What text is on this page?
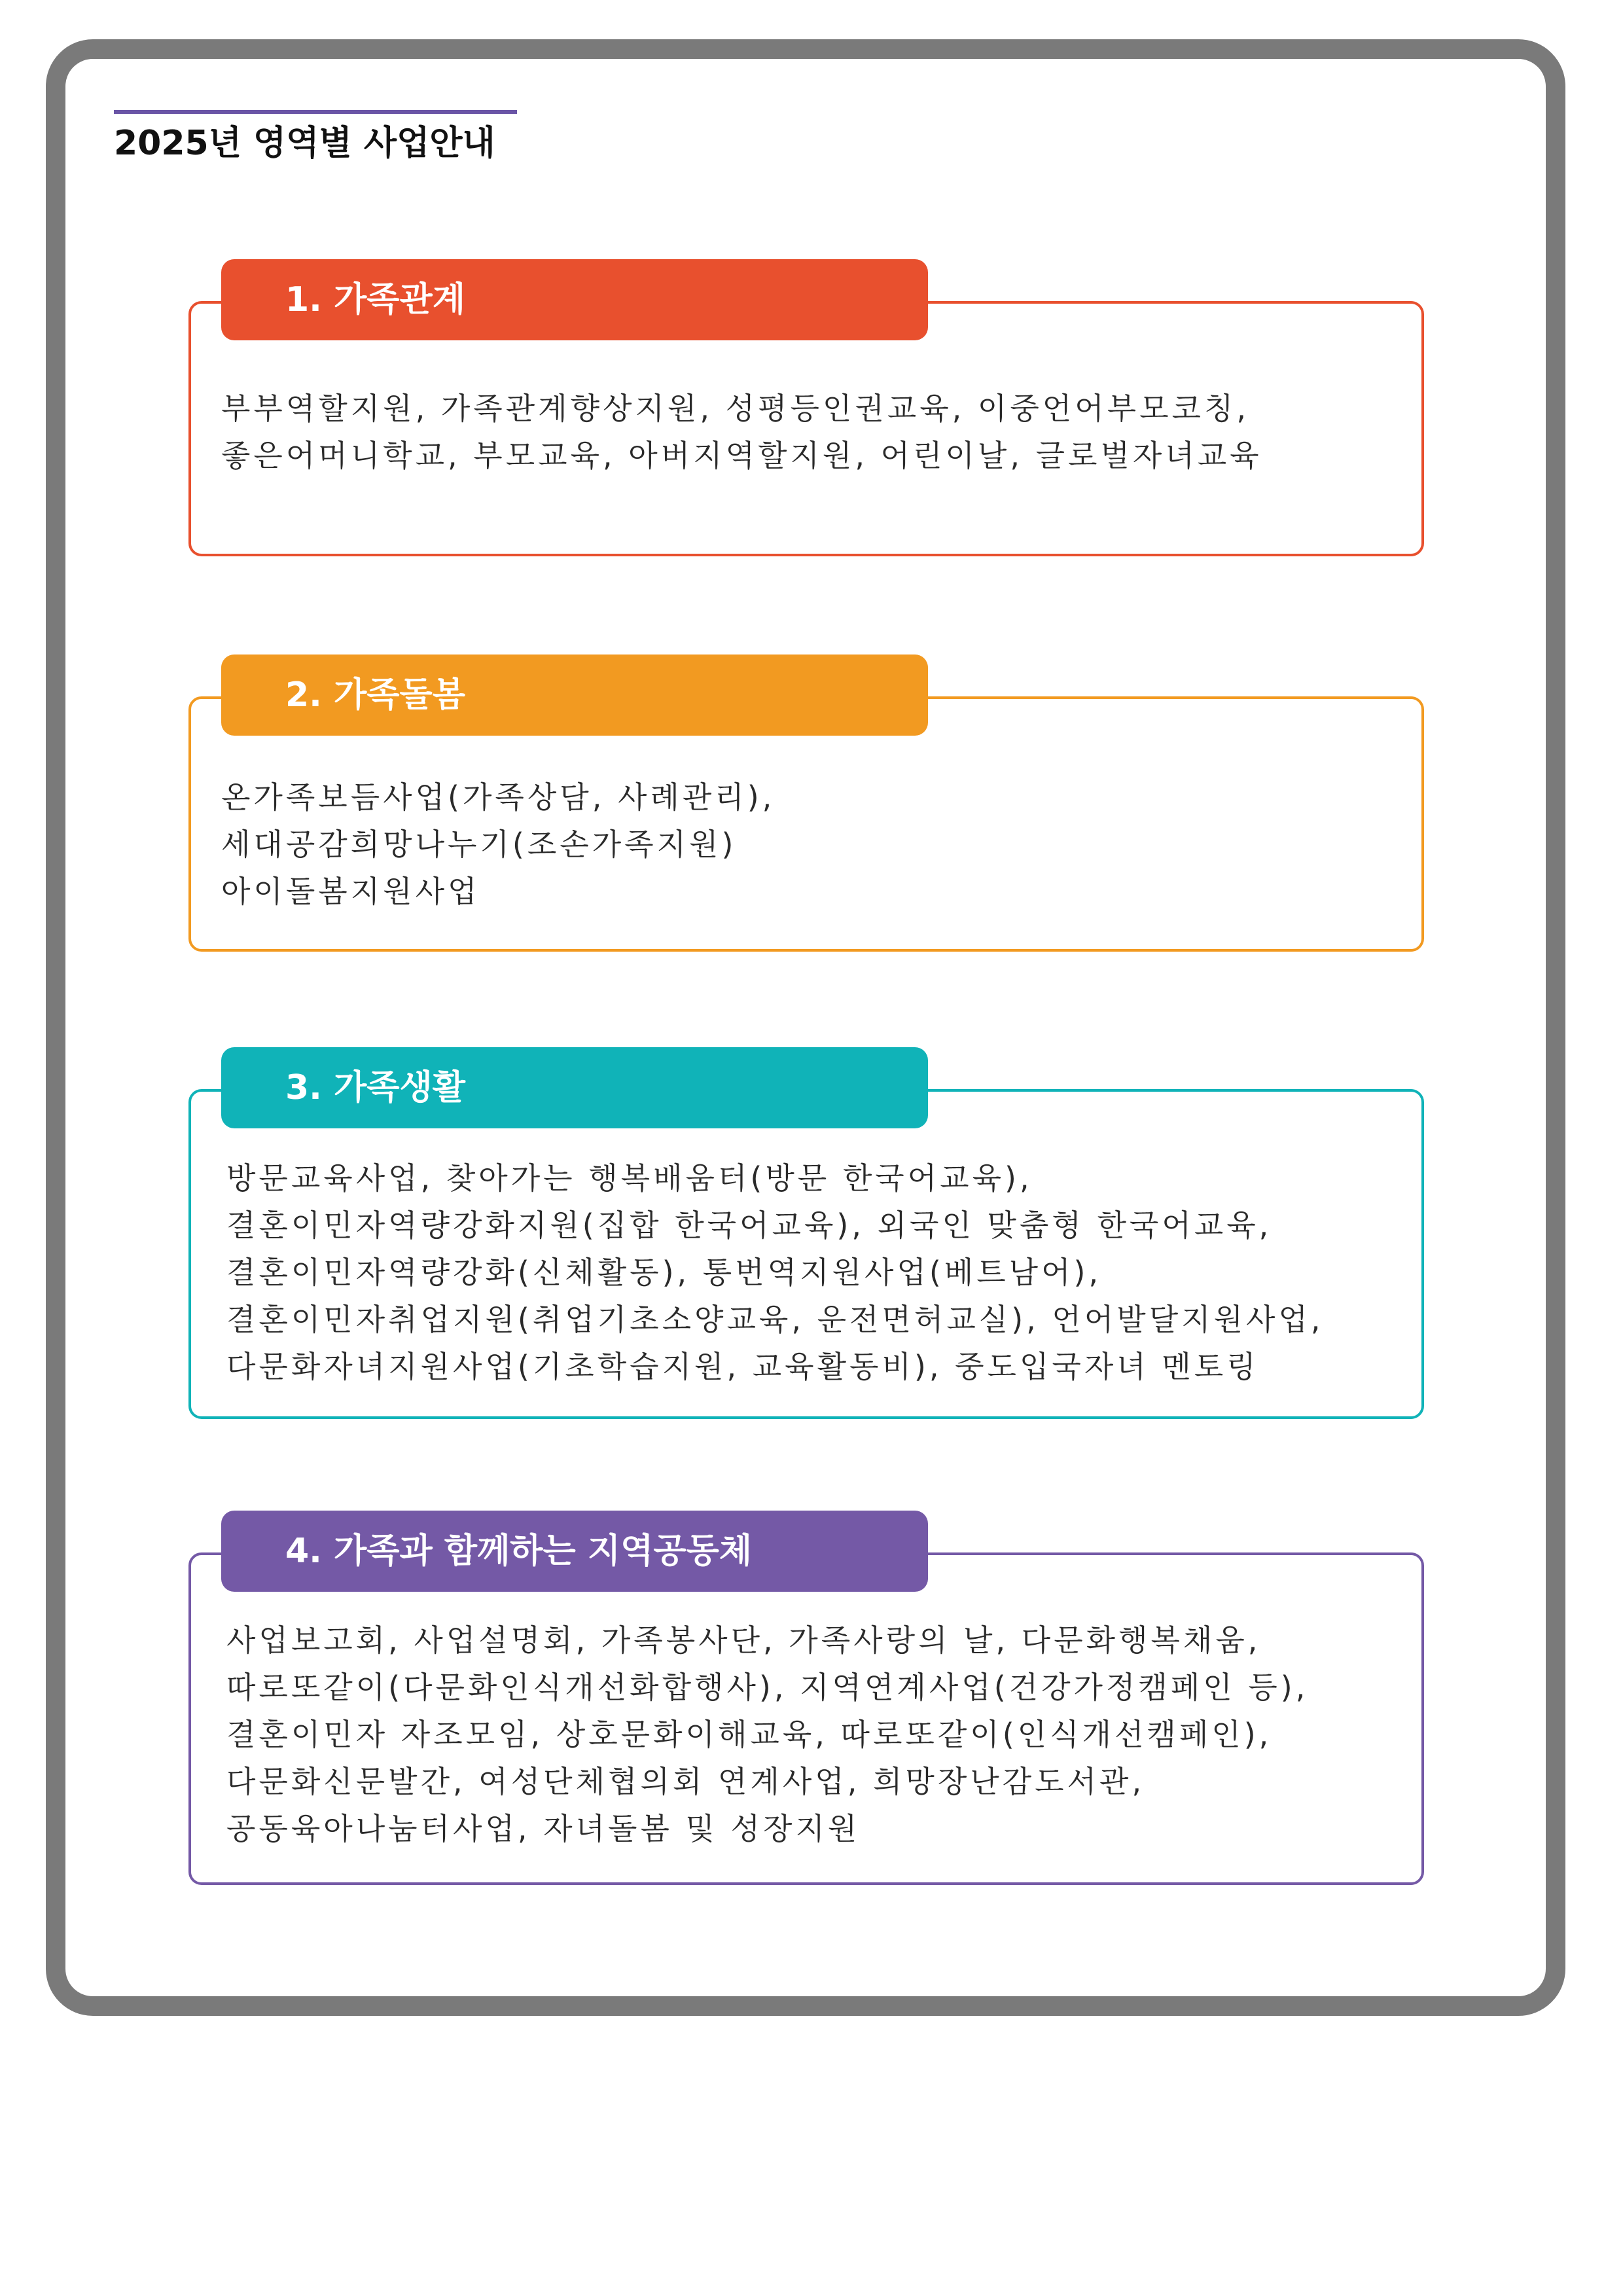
2025년 영역별 사업안내
1. 가족관계
부부역할지원, 가족관계향상지원, 성평등인권교육, 이중언어부모코칭,
좋은어머니학교, 부모교육, 아버지역할지원, 어린이날, 글로벌자녀교육
2. 가족돌봄
온가족보듬사업(가족상담, 사례관리),
세대공감희망나누기(조손가족지원)
아이돌봄지원사업
3. 가족생활
방문교육사업, 찾아가는 행복배움터(방문 한국어교육),
결혼이민자역량강화지원(집합 한국어교육), 외국인 맞춤형 한국어교육,
결혼이민자역량강화(신체활동), 통번역지원사업(베트남어),
결혼이민자취업지원(취업기초소양교육, 운전면허교실), 언어발달지원사업,
다문화자녀지원사업(기초학습지원, 교육활동비), 중도입국자녀 멘토링
4. 가족과 함께하는 지역공동체
사업보고회, 사업설명회, 가족봉사단, 가족사랑의 날, 다문화행복채움,
따로또같이(다문화인식개선화합행사), 지역연계사업(건강가정캠페인 등),
결혼이민자 자조모임, 상호문화이해교육, 따로또같이(인식개선캠페인),
다문화신문발간, 여성단체협의회 연계사업, 희망장난감도서관,
공동육아나눔터사업, 자녀돌봄 및 성장지원
